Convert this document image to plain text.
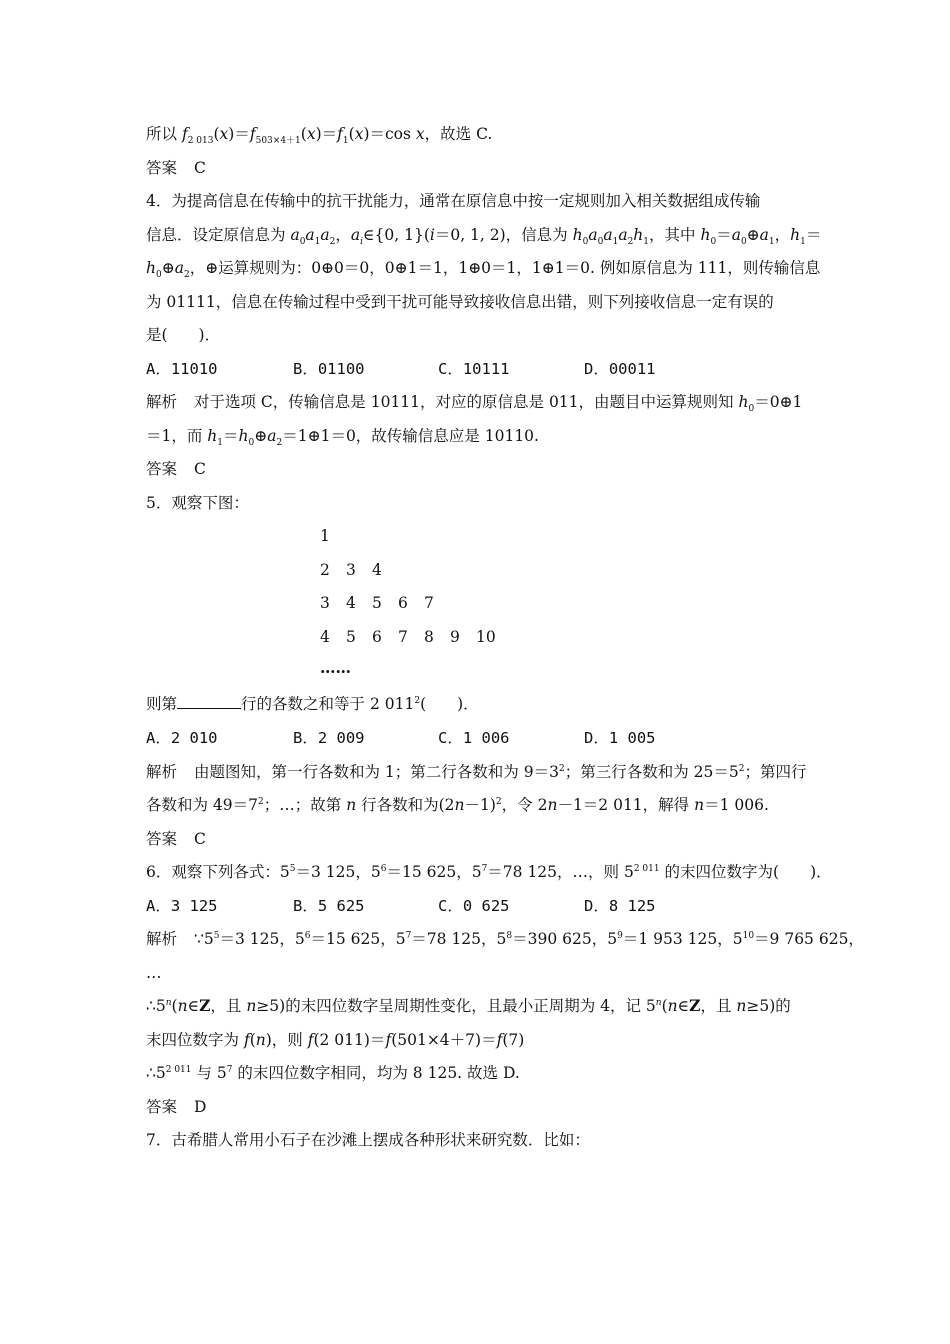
所以 $f_{2 013}(x)=f_{503\times 4+1}(x)=f_1(x)=\cos$ x，故选 C.
答案 C
4．为提高信息在传输中的抗干扰能力，通常在原信息中按一定规则加入相关数据组成传输
信息．设定原信息为 $a_0a_1a_2$，$a_i\in\{0$, 1}(i＝0, 1, 2)，信息为 $h_0a_0a_1a_2h_1$，其中 $h_0=a_0\oplus a_1$，$h_1=$
$h_0\oplus a_2$，⊕运算规则为：0⊕0＝0，0⊕1＝1，1⊕0＝1，1⊕1＝0. 例如原信息为 111，则传输信息
为 01111，信息在传输过程中受到干扰可能导致接收信息出错，则下列接收信息一定有误的
是(　　)．
A．11010	B．01100	C．10111	D．00011
解析 对于选项 C，传输信息是 10111，对应的原信息是 011，由题目中运算规则知 $h_0=0\oplus 1$
＝1，而 $h_1=h_0\oplus a_2=1\oplus 1=0$，故传输信息应是 10110.
答案 C
5．观察下图：
1
2 3 4
3 4 5 6 7
4 5 6 7 8 9 10
……
则第	行的各数之和等于 2 $011^2$(　　)．
A．2 010	B．2 009	C．1 006	D．1 005
解析 由题图知，第一行各数和为 1；第二行各数和为 $9=3^2$；第三行各数和为 $25=5^2$；第四行
各数和为 $49=7^2$；…；故第 n 行各数和为$(2n-1)^2$，令 2n－1＝2 011，解得 n＝1 006.
答案 C
6．观察下列各式：$5^5=3$ 125，$5^6=15$ 625，$5^7=78$ 125，…，则 $5^{2 011}$ 的末四位数字为(　　)．
A．3 125	B．5 625	C．0 625	D．8 125
解析 $\because 5^5=3$ 125，$5^6=15$ 625，$5^7=78$ 125，$5^8=390$ 625，$5^9=1$ 953 125，$5^{10}=9$ 765 625，
…
∴5$^n$(n∈Z，且 n≥5)的末四位数字呈周期性变化，且最小正周期为 4，记 5$^n$(n∈Z，且 n≥5)的
末四位数字为 f(n)，则 f(2 011)＝f(501×4＋7)＝f(7)
$\therefore 5^{2 011}$ 与 $5^7$ 的末四位数字相同，均为 8 125. 故选 D.
答案 D
7．古希腊人常用小石子在沙滩上摆成各种形状来研究数．比如：
